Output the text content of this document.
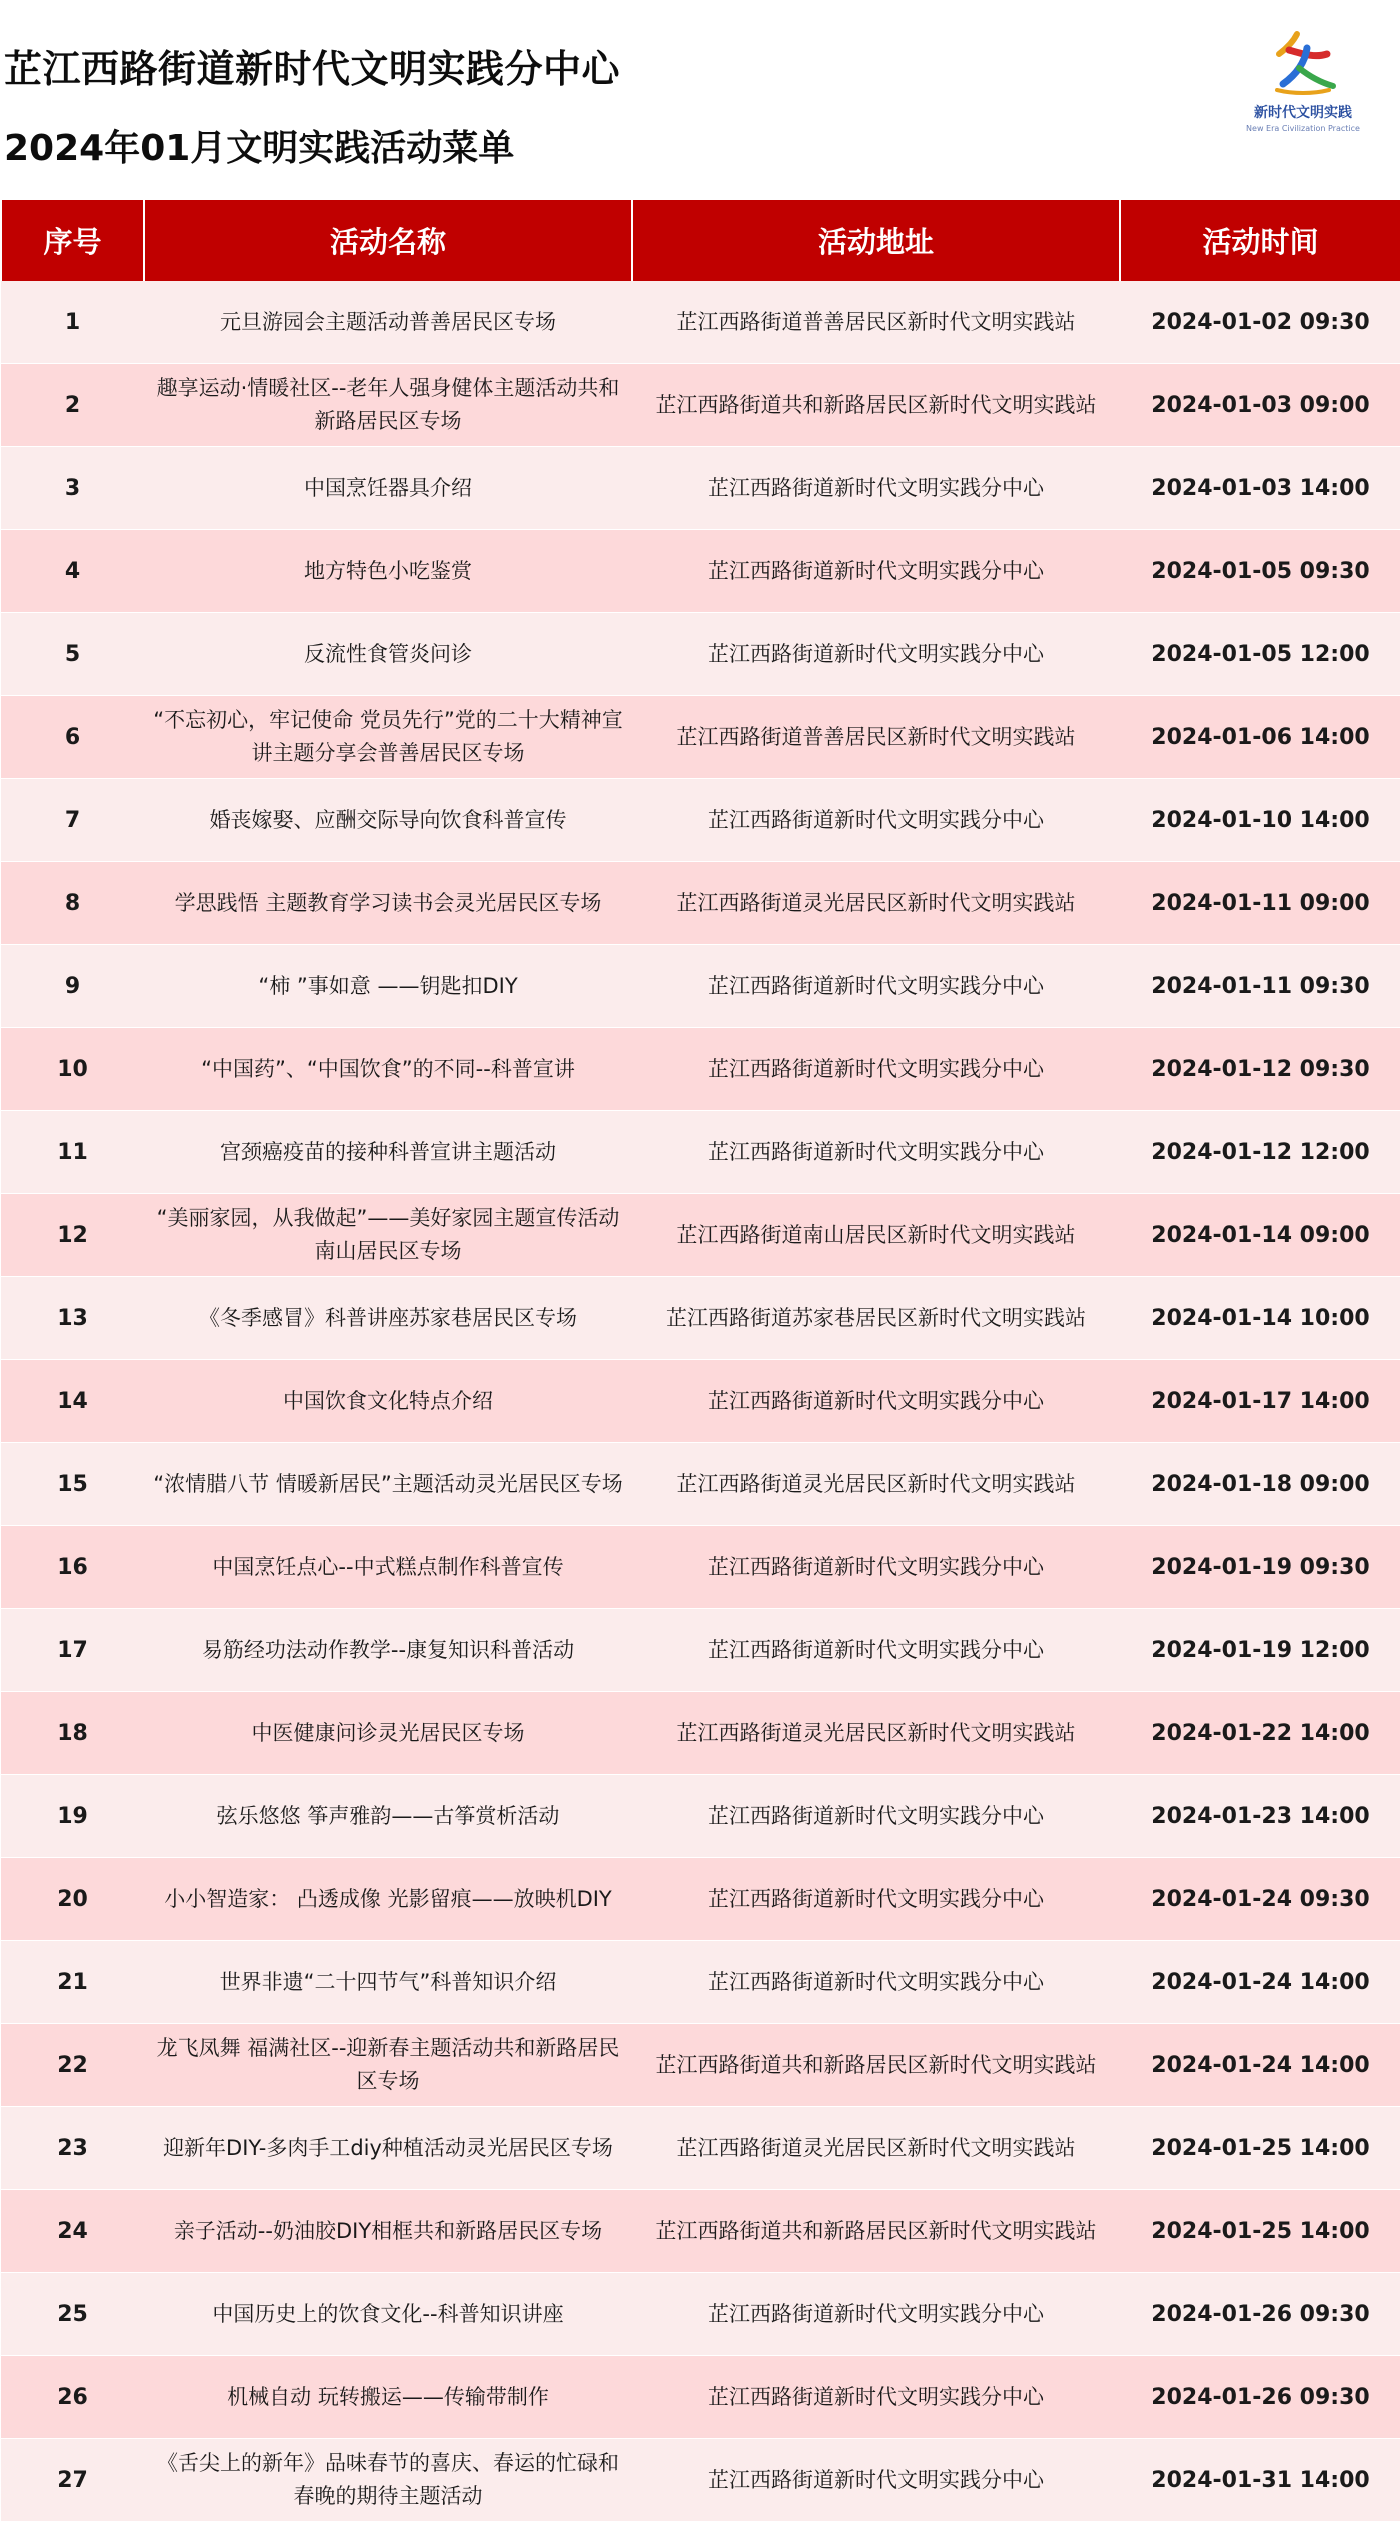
芷江西路街道新时代文明实践分中心
2024年01月文明实践活动菜单
新时代文明实践
New Era Civilization Practice
序号	活动名称	活动地址	活动时间
1	元旦游园会主题活动普善居民区专场	芷江西路街道普善居民区新时代文明实践站	2024-01-02 09:30
2	趣享运动·情暖社区--老年人强身健体主题活动共和新路居民区专场	芷江西路街道共和新路居民区新时代文明实践站	2024-01-03 09:00
3	中国烹饪器具介绍	芷江西路街道新时代文明实践分中心	2024-01-03 14:00
4	地方特色小吃鉴赏	芷江西路街道新时代文明实践分中心	2024-01-05 09:30
5	反流性食管炎问诊	芷江西路街道新时代文明实践分中心	2024-01-05 12:00
6	“不忘初心，牢记使命 党员先行”党的二十大精神宣讲主题分享会普善居民区专场	芷江西路街道普善居民区新时代文明实践站	2024-01-06 14:00
7	婚丧嫁娶、应酬交际导向饮食科普宣传	芷江西路街道新时代文明实践分中心	2024-01-10 14:00
8	学思践悟 主题教育学习读书会灵光居民区专场	芷江西路街道灵光居民区新时代文明实践站	2024-01-11 09:00
9	“柿 ”事如意 ——钥匙扣DIY	芷江西路街道新时代文明实践分中心	2024-01-11 09:30
10	“中国药”、“中国饮食”的不同--科普宣讲	芷江西路街道新时代文明实践分中心	2024-01-12 09:30
11	宫颈癌疫苗的接种科普宣讲主题活动	芷江西路街道新时代文明实践分中心	2024-01-12 12:00
12	“美丽家园，从我做起”——美好家园主题宣传活动南山居民区专场	芷江西路街道南山居民区新时代文明实践站	2024-01-14 09:00
13	《冬季感冒》科普讲座苏家巷居民区专场	芷江西路街道苏家巷居民区新时代文明实践站	2024-01-14 10:00
14	中国饮食文化特点介绍	芷江西路街道新时代文明实践分中心	2024-01-17 14:00
15	“浓情腊八节 情暖新居民”主题活动灵光居民区专场	芷江西路街道灵光居民区新时代文明实践站	2024-01-18 09:00
16	中国烹饪点心--中式糕点制作科普宣传	芷江西路街道新时代文明实践分中心	2024-01-19 09:30
17	易筋经功法动作教学--康复知识科普活动	芷江西路街道新时代文明实践分中心	2024-01-19 12:00
18	中医健康问诊灵光居民区专场	芷江西路街道灵光居民区新时代文明实践站	2024-01-22 14:00
19	弦乐悠悠 筝声雅韵——古筝赏析活动	芷江西路街道新时代文明实践分中心	2024-01-23 14:00
20	小小智造家： 凸透成像 光影留痕——放映机DIY	芷江西路街道新时代文明实践分中心	2024-01-24 09:30
21	世界非遗“二十四节气”科普知识介绍	芷江西路街道新时代文明实践分中心	2024-01-24 14:00
22	龙飞凤舞 福满社区--迎新春主题活动共和新路居民区专场	芷江西路街道共和新路居民区新时代文明实践站	2024-01-24 14:00
23	迎新年DIY-多肉手工diy种植活动灵光居民区专场	芷江西路街道灵光居民区新时代文明实践站	2024-01-25 14:00
24	亲子活动--奶油胶DIY相框共和新路居民区专场	芷江西路街道共和新路居民区新时代文明实践站	2024-01-25 14:00
25	中国历史上的饮食文化--科普知识讲座	芷江西路街道新时代文明实践分中心	2024-01-26 09:30
26	机械自动 玩转搬运——传输带制作	芷江西路街道新时代文明实践分中心	2024-01-26 09:30
27	《舌尖上的新年》品味春节的喜庆、春运的忙碌和春晚的期待主题活动	芷江西路街道新时代文明实践分中心	2024-01-31 14:00
